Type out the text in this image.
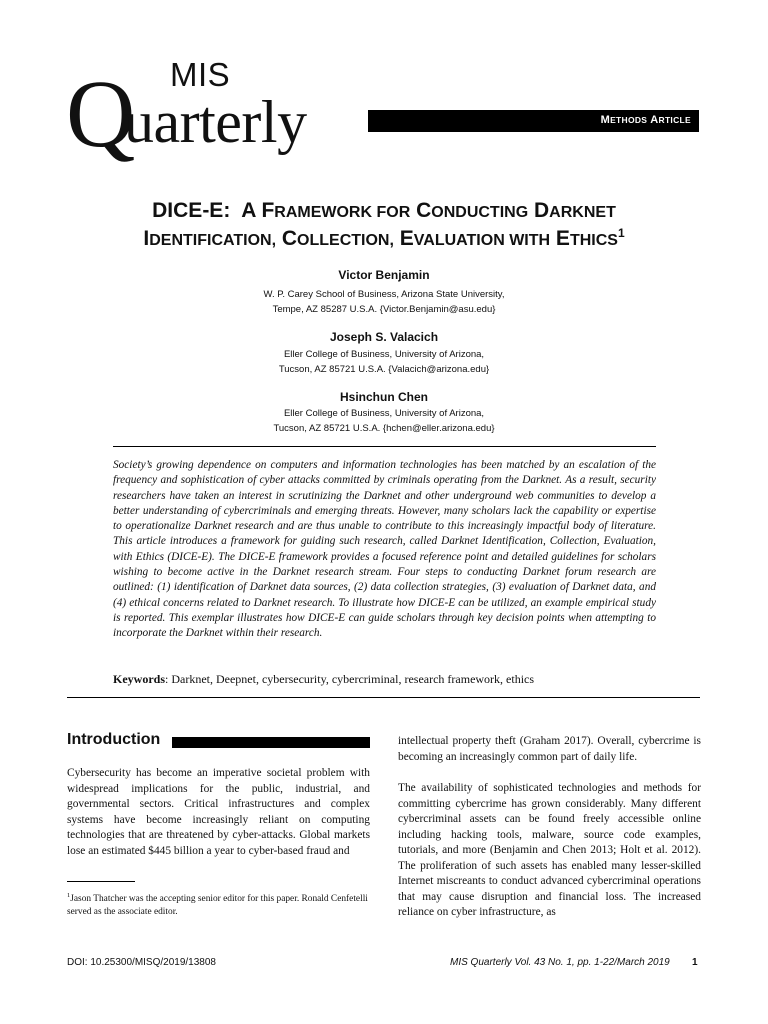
MIS
Q
uarterly	METHODS ARTICLE
DICE-E: A FRAMEWORK FOR CONDUCTING DARKNET
IDENTIFICATION, COLLECTION, EVALUATION WITH ETHICS$^1$
Victor Benjamin
W. P. Carey School of Business, Arizona State University,
Tempe, AZ 85287 U.S.A. {Victor.Benjamin@asu.edu}
Joseph S. Valacich
Eller College of Business, University of Arizona,
Tucson, AZ 85721 U.S.A. {Valacich@arizona.edu}
Hsinchun Chen
Eller College of Business, University of Arizona,
Tucson, AZ 85721 U.S.A. {hchen@eller.arizona.edu}
Society’s growing dependence on computers and information technologies has been matched by an escalation of the frequency and sophistication of cyber attacks committed by criminals operating from the Darknet. As a result, security researchers have taken an interest in scrutinizing the Darknet and other underground web communities to develop a better understanding of cybercriminals and emerging threats. However, many scholars lack the capability or expertise to operationalize Darknet research and are thus unable to contribute to this increasingly impactful body of literature. This article introduces a framework for guiding such research, called Darknet Identification, Collection, Evaluation, with Ethics (DICE-E). The DICE-E framework provides a focused reference point and detailed guidelines for scholars wishing to become active in the Darknet research stream. Four steps to conducting Darknet forum research are outlined: (1) identification of Darknet data sources, (2) data collection strategies, (3) evaluation of Darknet data, and (4) ethical concerns related to Darknet research. To illustrate how DICE-E can be utilized, an example empirical study is reported. This exemplar illustrates how DICE-E can guide scholars through key decision points when attempting to incorporate the Darknet within their research.
Keywords: Darknet, Deepnet, cybersecurity, cybercriminal, research framework, ethics
Introduction
Cybersecurity has become an imperative societal problem with widespread implications for the public, industrial, and governmental sectors. Critical infrastructures and complex systems have become increasingly reliant on computing technologies that are threatened by cyber-attacks. Global markets lose an estimated $445 billion a year to cyber-based fraud and
intellectual property theft (Graham 2017). Overall, cybercrime is becoming an increasingly common part of daily life.
The availability of sophisticated technologies and methods for committing cybercrime has grown considerably. Many different cybercriminal assets can be found freely accessible online including hacking tools, malware, source code examples, tutorials, and more (Benjamin and Chen 2013; Holt et al. 2012). The proliferation of such assets has enabled many lesser-skilled Internet miscreants to conduct advanced cybercriminal operations that may cause disruption and financial loss. The increased reliance on cyber infrastructure, as
$^1$Jason Thatcher was the accepting senior editor for this paper. Ronald Cenfetelli served as the associate editor.
DOI: 10.25300/MISQ/2019/13808	MIS Quarterly Vol. 43 No. 1, pp. 1-22/March 2019 1
